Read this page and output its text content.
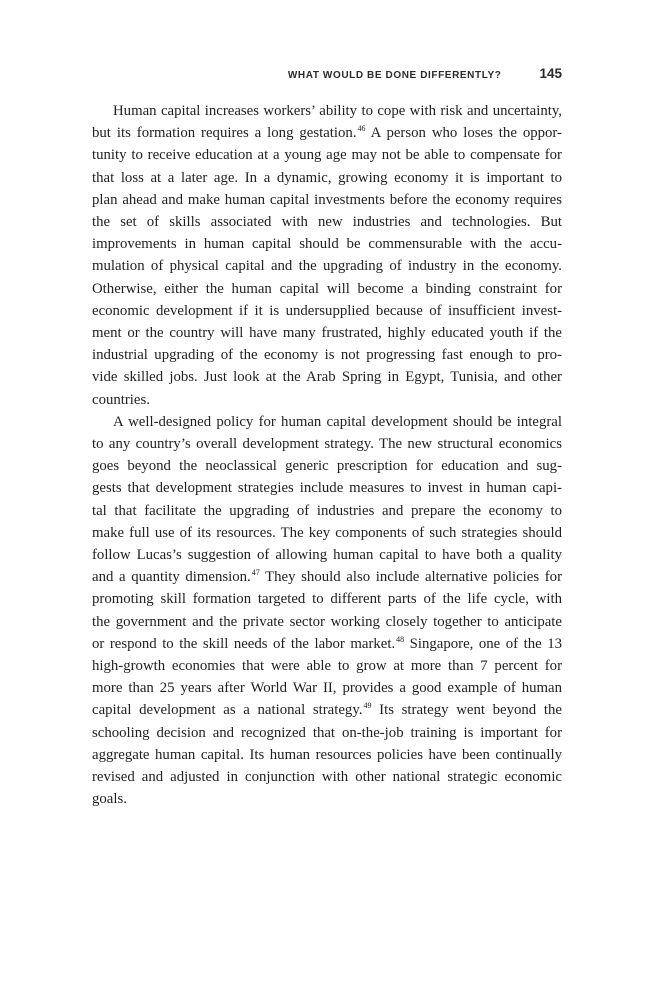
WHAT WOULD BE DONE DIFFERENTLY?	145

Human capital increases workers’ ability to cope with risk and uncertainty,
but its formation requires a long gestation.$^{46}$ A person who loses the oppor-
tunity to receive education at a young age may not be able to compensate for
that loss at a later age. In a dynamic, growing economy it is important to
plan ahead and make human capital investments before the economy requires
the set of skills associated with new industries and technologies. But
improvements in human capital should be commensurable with the accu-
mulation of physical capital and the upgrading of industry in the economy.
Otherwise, either the human capital will become a binding constraint for
economic development if it is undersupplied because of insufficient invest-
ment or the country will have many frustrated, highly educated youth if the
industrial upgrading of the economy is not progressing fast enough to pro-
vide skilled jobs. Just look at the Arab Spring in Egypt, Tunisia, and other
countries.

A well-designed policy for human capital development should be integral
to any country’s overall development strategy. The new structural economics
goes beyond the neoclassical generic prescription for education and sug-
gests that development strategies include measures to invest in human capi-
tal that facilitate the upgrading of industries and prepare the economy to
make full use of its resources. The key components of such strategies should
follow Lucas’s suggestion of allowing human capital to have both a quality
and a quantity dimension.$^{47}$ They should also include alternative policies for
promoting skill formation targeted to different parts of the life cycle, with
the government and the private sector working closely together to anticipate
or respond to the skill needs of the labor market.$^{48}$ Singapore, one of the 13
high-growth economies that were able to grow at more than 7 percent for
more than 25 years after World War II, provides a good example of human
capital development as a national strategy.$^{49}$ Its strategy went beyond the
schooling decision and recognized that on-the-job training is important for
aggregate human capital. Its human resources policies have been continually
revised and adjusted in conjunction with other national strategic economic
goals.
